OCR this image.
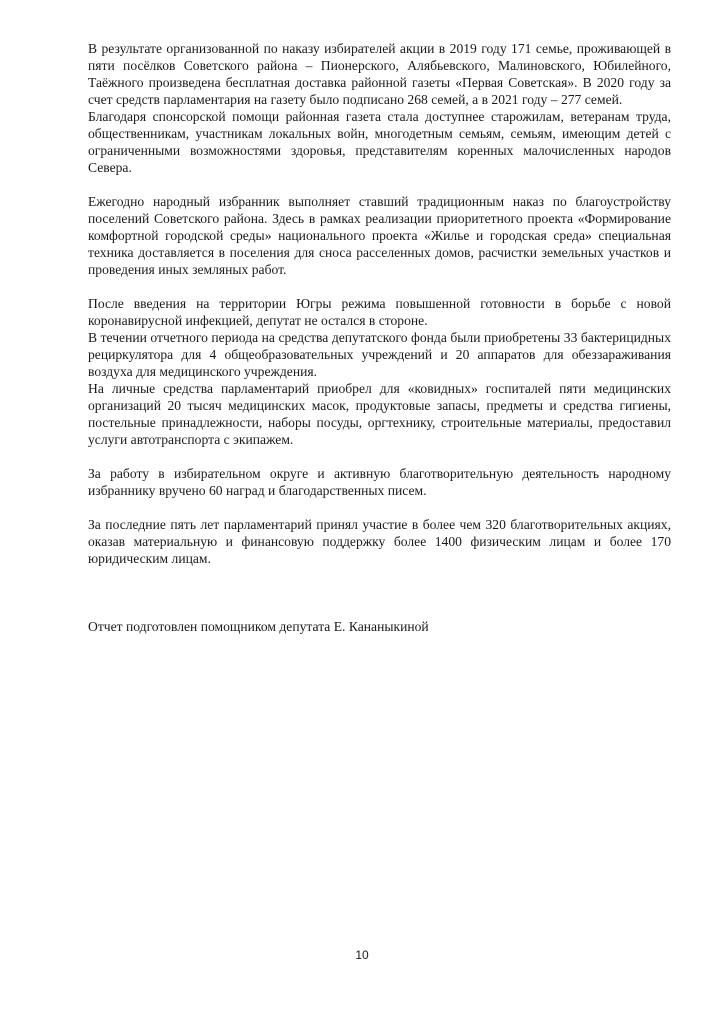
В результате организованной по наказу избирателей акции в 2019 году 171 семье, проживающей в пяти посёлков Советского района – Пионерского, Алябьевского, Малиновского, Юбилейного, Таёжного произведена бесплатная доставка районной газеты «Первая Советская». В 2020 году за счет средств парламентария на газету было подписано 268 семей, а в 2021 году – 277 семей.

Благодаря спонсорской помощи районная газета стала доступнее старожилам, ветеранам труда, общественникам, участникам локальных войн, многодетным семьям, семьям, имеющим детей с ограниченными возможностями здоровья, представителям коренных малочисленных народов Севера.

Ежегодно народный избранник выполняет ставший традиционным наказ по благоустройству поселений Советского района. Здесь в рамках реализации приоритетного проекта «Формирование комфортной городской среды» национального проекта «Жилье и городская среда» специальная техника доставляется в поселения для сноса расселенных домов, расчистки земельных участков и проведения иных земляных работ.

После введения на территории Югры режима повышенной готовности в борьбе с новой коронавирусной инфекцией, депутат не остался в стороне.

В течении отчетного периода на средства депутатского фонда были приобретены 33 бактерицидных рециркулятора для 4 общеобразовательных учреждений и 20 аппаратов для обеззараживания воздуха для медицинского учреждения.

На личные средства парламентарий приобрел для «ковидных» госпиталей пяти медицинских организаций 20 тысяч медицинских масок, продуктовые запасы, предметы и средства гигиены, постельные принадлежности, наборы посуды, оргтехнику, строительные материалы, предоставил услуги автотранспорта с экипажем.

За работу в избирательном округе и активную благотворительную деятельность народному избраннику вручено 60 наград и благодарственных писем.

За последние пять лет парламентарий принял участие в более чем 320 благотворительных акциях, оказав материальную и финансовую поддержку более 1400 физическим лицам и более 170 юридическим лицам.

Отчет подготовлен помощником депутата Е. Кананыкиной

10
